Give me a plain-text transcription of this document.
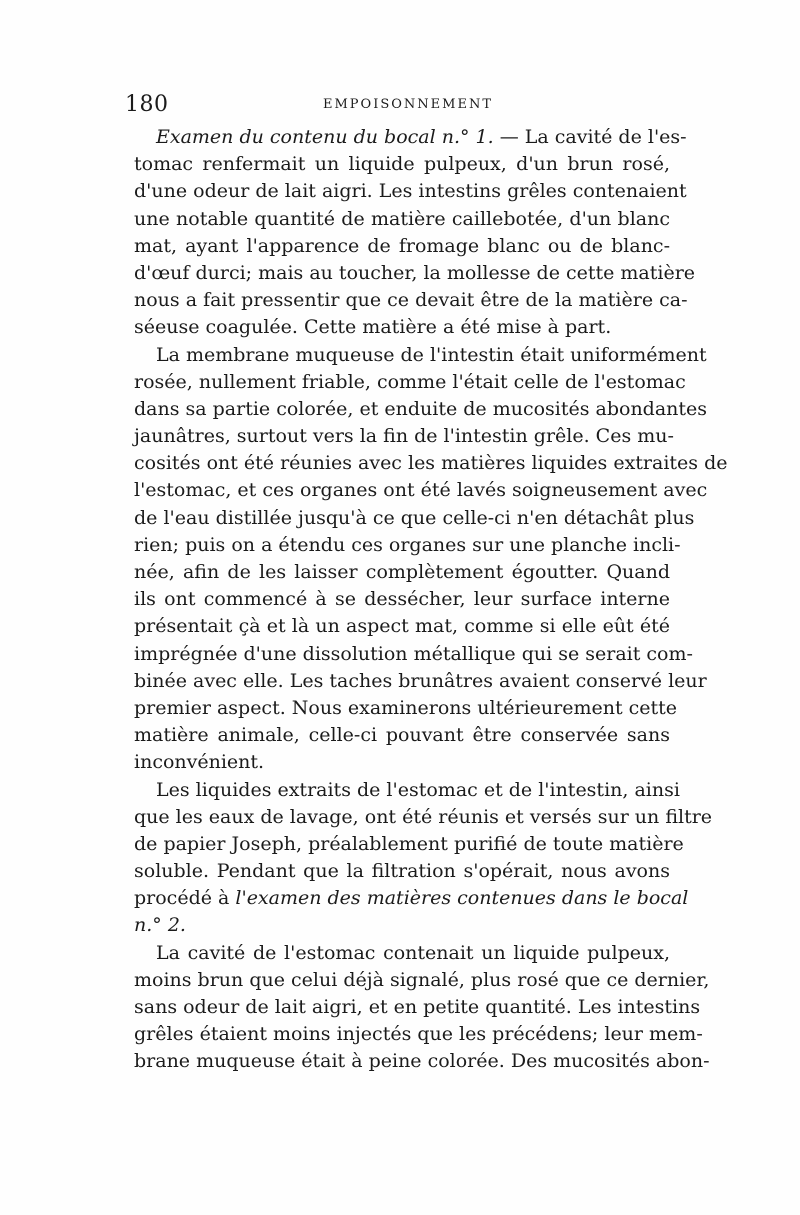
180	EMPOISONNEMENT
Examen du contenu du bocal n.° 1. — La cavité de l'es-
tomac renfermait un liquide pulpeux, d'un brun rosé,
d'une odeur de lait aigri. Les intestins grêles contenaient
une notable quantité de matière caillebotée, d'un blanc
mat, ayant l'apparence de fromage blanc ou de blanc-
d'œuf durci; mais au toucher, la mollesse de cette matière
nous a fait pressentir que ce devait être de la matière ca-
séeuse coagulée. Cette matière a été mise à part.
La membrane muqueuse de l'intestin était uniformément
rosée, nullement friable, comme l'était celle de l'estomac
dans sa partie colorée, et enduite de mucosités abondantes
jaunâtres, surtout vers la fin de l'intestin grêle. Ces mu-
cosités ont été réunies avec les matières liquides extraites de
l'estomac, et ces organes ont été lavés soigneusement avec
de l'eau distillée jusqu'à ce que celle-ci n'en détachât plus
rien; puis on a étendu ces organes sur une planche incli-
née, afin de les laisser complètement égoutter. Quand
ils ont commencé à se dessécher, leur surface interne
présentait çà et là un aspect mat, comme si elle eût été
imprégnée d'une dissolution métallique qui se serait com-
binée avec elle. Les taches brunâtres avaient conservé leur
premier aspect. Nous examinerons ultérieurement cette
matière animale, celle-ci pouvant être conservée sans
inconvénient.
Les liquides extraits de l'estomac et de l'intestin, ainsi
que les eaux de lavage, ont été réunis et versés sur un filtre
de papier Joseph, préalablement purifié de toute matière
soluble. Pendant que la filtration s'opérait, nous avons
procédé à l'examen des matières contenues dans le bocal
n.° 2.
La cavité de l'estomac contenait un liquide pulpeux,
moins brun que celui déjà signalé, plus rosé que ce dernier,
sans odeur de lait aigri, et en petite quantité. Les intestins
grêles étaient moins injectés que les précédens; leur mem-
brane muqueuse était à peine colorée. Des mucosités abon-
